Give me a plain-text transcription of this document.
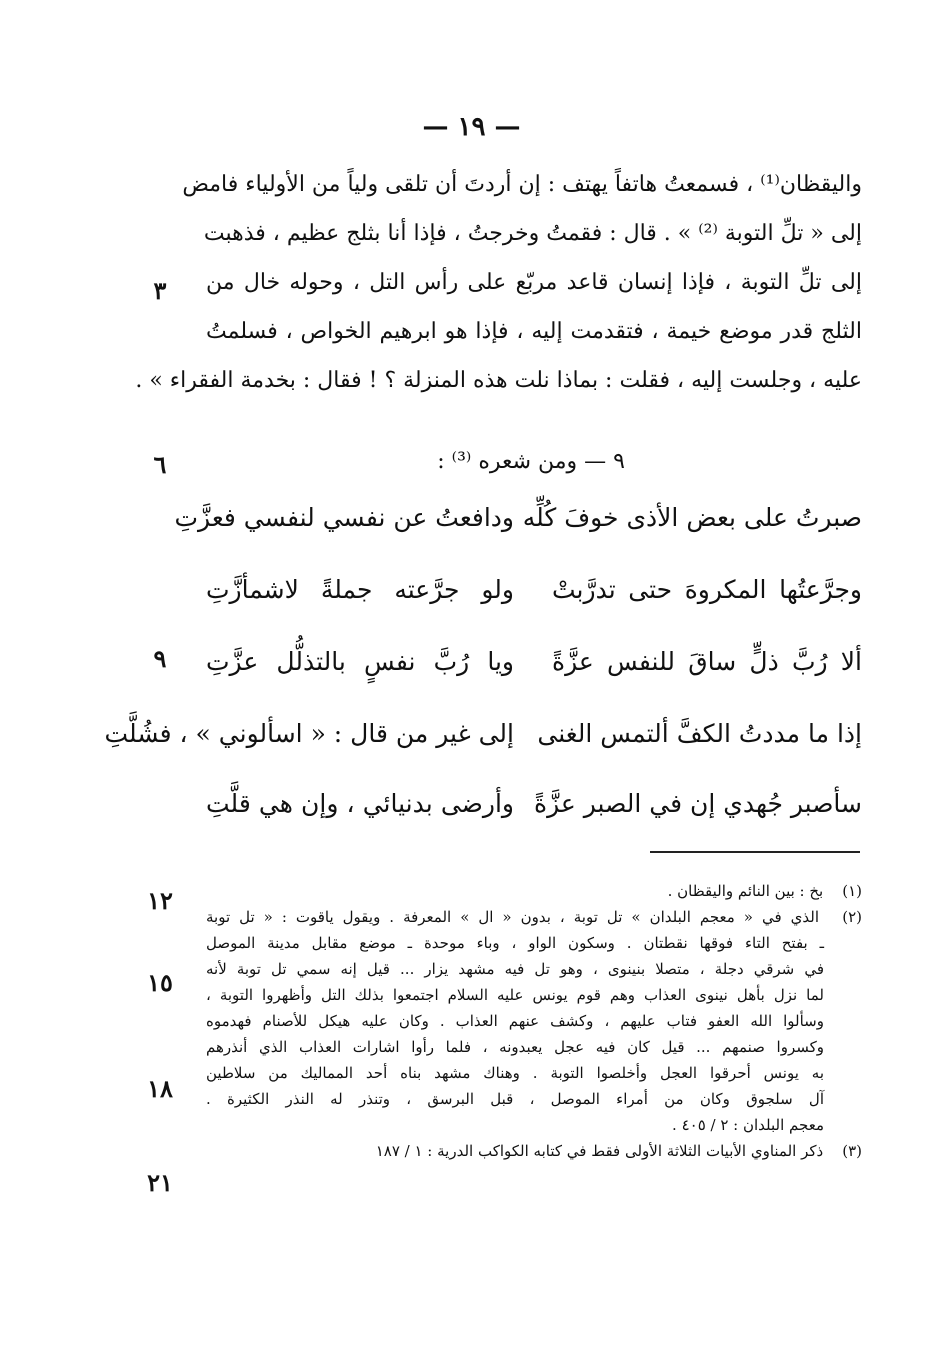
— ١٩ —
واليقظان⁽¹⁾ ، فسمعتُ هاتفاً يهتف : إن أردتَ أن تلقى ولياً من الأولياء فامض
إلى « تلِّ التوبة ⁽²⁾ » . قال : فقمتُ وخرجتُ ، فإذا أنا بثلج عظيم ، فذهبت
إلى تلِّ التوبة ، فإذا إنسان قاعد مربّع على رأس التل ، وحوله خال من
الثلج قدر موضع خيمة ، فتقدمت إليه ، فإذا هو ابرهيم الخواص ، فسلمتُ
عليه ، وجلست إليه ، فقلت : بماذا نلت هذه المنزلة ؟ ! فقال : بخدمة الفقراء » .
٩ — ومن شعره ⁽³⁾ :
صبرتُ على بعض الأذى خوفَ كُلِّه
ودافعتُ عن نفسي لنفسي فعزَّتِ
وجرَّعتُها المكروهَ حتى تدرَّبتْ
ولو جرَّعته جملةً لاشمأزَّتِ
ألا رُبَّ ذلٍّ ساقَ للنفس عزَّةً
ويا رُبَّ نفسٍ بالتذلُّل عزَّتِ
إذا ما مددتُ الكفَّ ألتمس الغنى
إلى غير من قال : « اسألوني » ، فشُلَّتِ
سأصبر جُهدي إن في الصبر عزَّةً
وأرضى بدنيائي ، وإن هي قلَّتِ
٣
٦
٩
١٢
١٥
١٨
٢١
(١) بخ : بين النائم واليقظان .
(٢) الذي في « معجم البلدان » تل توبة ، بدون « ال » المعرفة . ويقول ياقوت : « تل توبة
ـ بفتح التاء فوقها نقطتان . وسكون الواو ، وباء موحدة ـ موضع مقابل مدينة الموصل
في شرقي دجلة ، متصلا بنينوى ، وهو تل فيه مشهد يزار ... قيل إنه سمي تل توبة لأنه
لما نزل بأهل نينوى العذاب وهم قوم يونس عليه السلام اجتمعوا بذلك التل وأظهروا التوبة ،
وسألوا الله العفو فتاب عليهم ، وكشف عنهم العذاب . وكان عليه هيكل للأصنام فهدموه
وكسروا صنمهم ... قيل كان فيه عجل يعبدونه ، فلما رأوا اشارات العذاب الذي أنذرهم
به يونس أحرقوا العجل وأخلصوا التوبة . وهناك مشهد بناه أحد المماليك من سلاطين
آل سلجوق وكان من أمراء الموصل ، قبل البرسق ، وتنذر له النذر الكثيرة .
معجم البلدان : ٢ / ٤٠٥ .
(٣) ذكر المناوي الأبيات الثلاثة الأولى فقط في كتابه الكواكب الدرية : ١ / ١٨٧
